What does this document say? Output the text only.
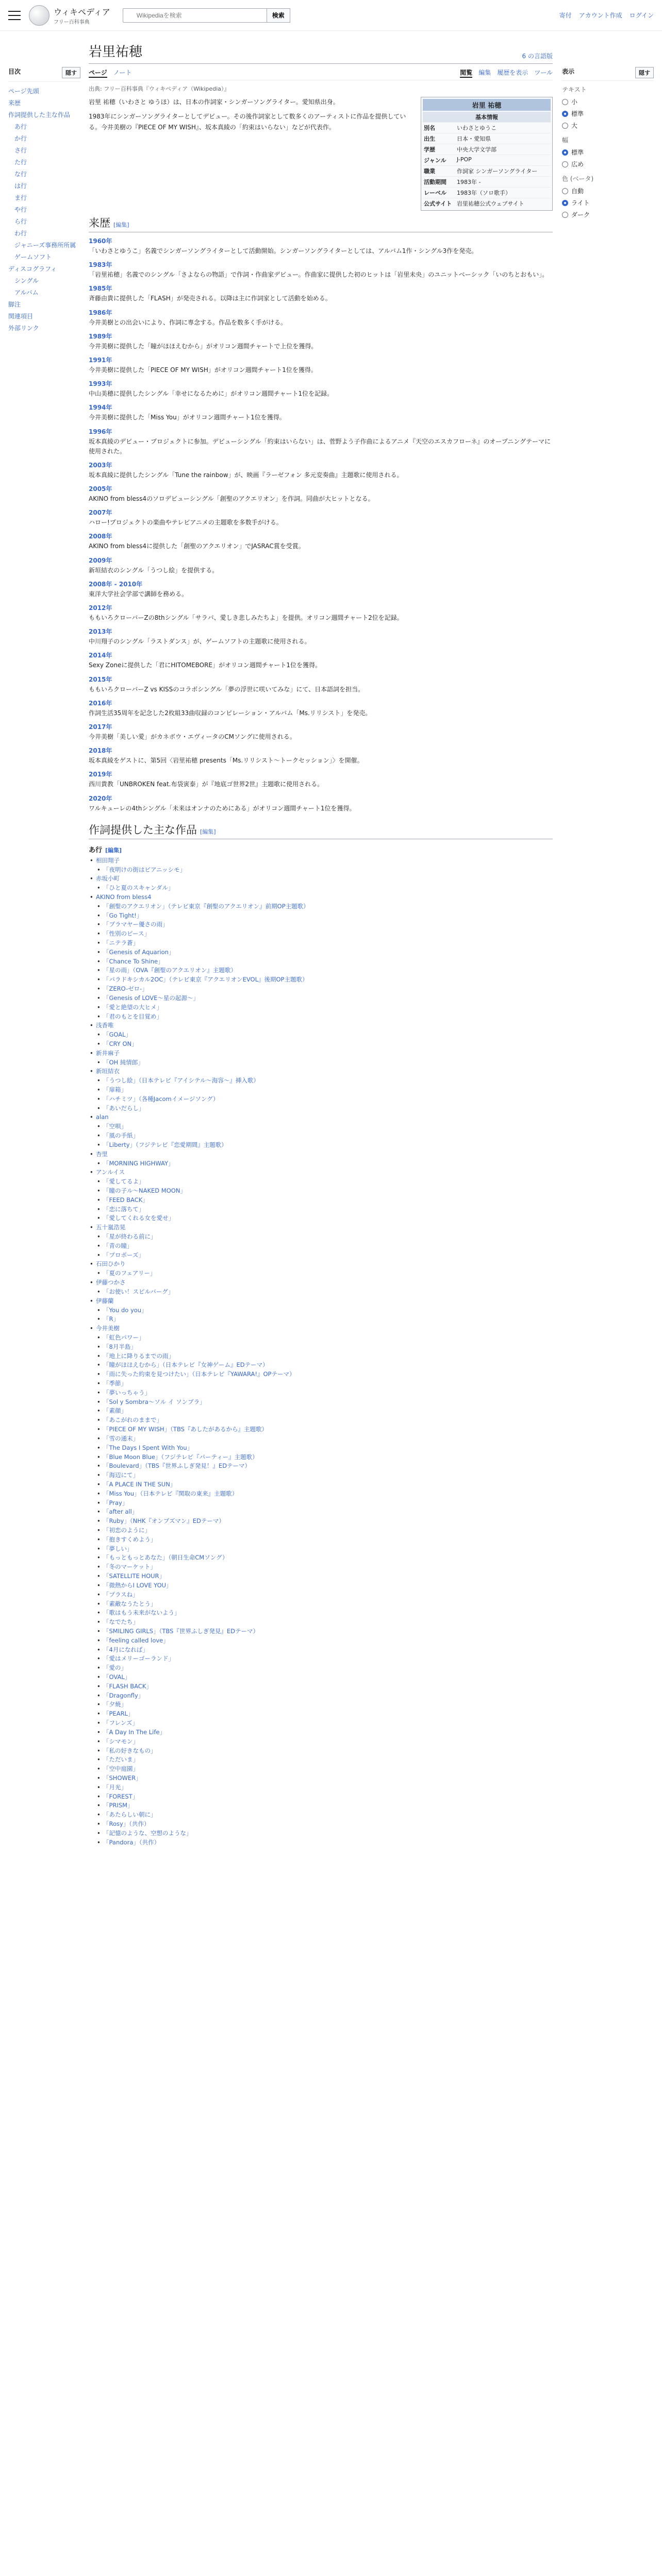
ウィキペディア
フリー百科事典
Wikipediaを検索
検索	寄付 アカウント作成 ログイン
目次	隠す
ページ先頭
来歴
作詞提供した主な作品
あ行
か行
さ行
た行
な行
は行
ま行
や行
ら行
わ行
ジャニーズ事務所所属
ゲームソフト
ディスコグラフィ
シングル
アルバム
脚注
関連項目
外部リンク
岩里祐穂	6 の言語版
ページ ノート	閲覧 編集 履歴を表示 ツール
出典: フリー百科事典『ウィキペディア（Wikipedia）』
岩里 祐穂
基本情報
別名	いわさとゆうこ
出生	日本・愛知県
学歴	中央大学文学部
ジャンル	J-POP
職業	作詞家 シンガーソングライター
活動期間	1983年 -
レーベル	1983年（ソロ歌手）
公式サイト 岩里祐穂公式ウェブサイト

岩里 祐穂（いわさと ゆうほ）は、日本の作詞家・シンガーソングライター。愛知県出身。

1983年にシンガーソングライターとしてデビュー。その後作詞家として数多くのアーティストに作品を提供している。今井美樹の『PIECE OF MY WISH』、坂本真綾の「約束はいらない」などが代表作。

来歴 [編集]
1960年
「いわさとゆうこ」名義でシンガーソングライターとして活動開始。シンガーソングライターとしては、アルバム1作・シングル3作を発売。
1983年
「岩里祐穂」名義でのシングル「さよならの物語」で作詞・作曲家デビュー。作曲家に提供した初のヒットは「岩里未央」のユニットベーシック「いのちとおもい」。
1985年
斉藤由貴に提供した「FLASH」が発売される。以降は主に作詞家として活動を始める。
1986年
今井美樹との出会いにより、作詞に専念する。作品を数多く手がける。
1989年
今井美樹に提供した「瞳がほほえむから」がオリコン週間チャートで上位を獲得。
1991年
今井美樹に提供した「PIECE OF MY WISH」がオリコン週間チャート1位を獲得。
1993年
中山美穂に提供したシングル「幸せになるために」がオリコン週間チャート1位を記録。
1994年
今井美樹に提供した「Miss You」がオリコン週間チャート1位を獲得。
1996年
坂本真綾のデビュー・プロジェクトに参加。デビューシングル「約束はいらない」は、菅野よう子作曲によるアニメ『天空のエスカフローネ』のオープニングテーマに使用された。
2003年
坂本真綾に提供したシングル「Tune the rainbow」が、映画『ラーゼフォン 多元変奏曲』主題歌に使用される。
2005年
AKINO from bless4のソロデビューシングル「創聖のアクエリオン」を作詞。同曲が大ヒットとなる。
2007年
ハロー!プロジェクトの楽曲やテレビアニメの主題歌を多数手がける。
2008年
AKINO from bless4に提供した「創聖のアクエリオン」でJASRAC賞を受賞。
2009年
新垣結衣のシングル「うつし絵」を提供する。
2008年 - 2010年
東洋大学社会学部で講師を務める。
2012年
ももいろクローバーZの8thシングル「サラバ、愛しき悲しみたちよ」を提供。オリコン週間チャート2位を記録。
2013年
中川翔子のシングル「ラストダンス」が、ゲームソフトの主題歌に使用される。
2014年
Sexy Zoneに提供した「君にHITOMEBORE」がオリコン週間チャート1位を獲得。
2015年
ももいろクローバーZ vs KISSのコラボシングル「夢の浮世に咲いてみな」にて、日本語詞を担当。
2016年
作詞生活35周年を記念した2枚組33曲収録のコンピレーション・アルバム「Ms.リリシスト」を発売。
2017年
今井美樹「美しい愛」がカネボウ・エヴィータのCMソングに使用される。
2018年
坂本真綾をゲストに、第5回〈岩里祐穂 presents「Ms.リリシスト〜トークセッション」〉を開催。
2019年
西川貴教「UNBROKEN feat.布袋寅泰」が『地底ゴ世界2世』主題歌に使用される。
2020年
ワルキューレの4thシングル「未来はオンナのためにある」がオリコン週間チャート1位を獲得。
作詞提供した主な作品 [編集]
あ行 [編集]
• 相田翔子
• 「夜明けの街はビアニッシモ」
• 赤坂小町
• 「ひと夏のスキャンダル」
• AKINO from bless4
• 「創聖のアクエリオン」（テレビ東京『創聖のアクエリオン』前期OP主題歌）
• 「Go Tight!」
• 「ブラマヤー優さの雨」
• 「性別のピース」
• 「ニテラ蒼」
• 「Genesis of Aquarion」
• 「Chance To Shine」
• 「星の雨」（OVA『創聖のアクエリオン』主題歌）
• 「パラドキシカル2OC」（テレビ東京『アクエリオンEVOL』後期OP主題歌）
• 「ZERO-ゼロ-」
• 「Genesis of LOVE〜星の起源〜」
• 「愛と絶望の大ヒメ」
• 「君のもとを目覚め」
• 浅香唯
• 「GOAL」
• 「CRY ON」
• 新井麻子
• 「OH 純情郎」
• 新垣結衣
• 「うつし絵」（日本テレビ『アイシテル〜海容〜』挿入歌）
• 「扉箱」
• 「ハチミツ」（各種Jacomイメージソング）
• 「あいだらし」
• alan
• 「空唄」
• 「風の手紙」
• 「Liberty」（フジテレビ『恋愛期間』主題歌）
• 杏里
• 「MORNING HIGHWAY」
• アンルイス
• 「愛してるよ」
• 「瞳の子ル〜NAKED MOON」
• 「FEED BACK」
• 「恋に落ちて」
• 「愛してくれる女を愛せ」
• 五十嵐浩晃
• 「星が終わる前に」
• 「青の瞳」
• 「プロポーズ」
• 石田ひかり
• 「夏のフェアリー」
• 伊藤つかさ
• 「お使い！スピルバーグ」
• 伊藤蘭
• 「You do you」
• 「R」
• 今井美樹
• 「虹色パワー」
• 「8月半島」
• 「地上に降りるまでの雨」
• 「瞳がほほえむから」（日本テレビ『女神ゲーム』EDテーマ）
• 「雨に失った約束を見つけたい」（日本テレビ『YAWARA!』OPテーマ）
• 「季節」
• 「夢いっちゃう」
• 「Sol y Sombra〜ソル イ ソンブラ」
• 「素顔」
• 「あこがれのままで」
• 「PIECE OF MY WISH」（TBS『あしたがあるから』主題歌）
• 「雪の通末」
• 「The Days I Spent With You」
• 「Blue Moon Blue」（フジテレビ『パーティー』主題歌）
• 「Boulevard」（TBS『世界ふしぎ発見！』EDテーマ）
• 「海辺にて」
• 「A PLACE IN THE SUN」
• 「Miss You」（日本テレビ『関取の東来』主題歌）
• 「Pray」
• 「after all」
• 「Ruby」（NHK『オンブズマン』EDテーマ）
• 「初恋のように」
• 「抱きすくめよう」
• 「夢しい」
• 「もっともっとあなた」（朝日生命CMソング）
• 「冬のマーケット」
• 「SATELLITE HOUR」
• 「微熱からI LOVE YOU」
• 「プラスね」
• 「素敵なうたとう」
• 「歌はもう未来がないよう」
• 「なでたち」
• 「SMILING GIRLS」（TBS『世界ふしぎ発見』EDテーマ）
• 「feeling called love」
• 「4月になれば」
• 「愛はメリーゴーランド」
• 「愛の」
• 「OVAL」
• 「FLASH BACK」
• 「Dragonfly」
• 「夕焼」
• 「PEARL」
• 「フレンズ」
• 「A Day In The Life」
• 「シマモン」
• 「私の好きなもの」
• 「ただいま」
• 「空中庭園」
• 「SHOWER」
• 「月光」
• 「FOREST」
• 「PRISM」
• 「あたらしい朝に」
• 「Rosy」（共作）
• 「記憶のような、空想のような」
• 「Pandora」（共作）
表示	隠す
テキスト
小
標準
大
幅
標準
広め
色 (ベータ)
自動
ライト
ダーク
